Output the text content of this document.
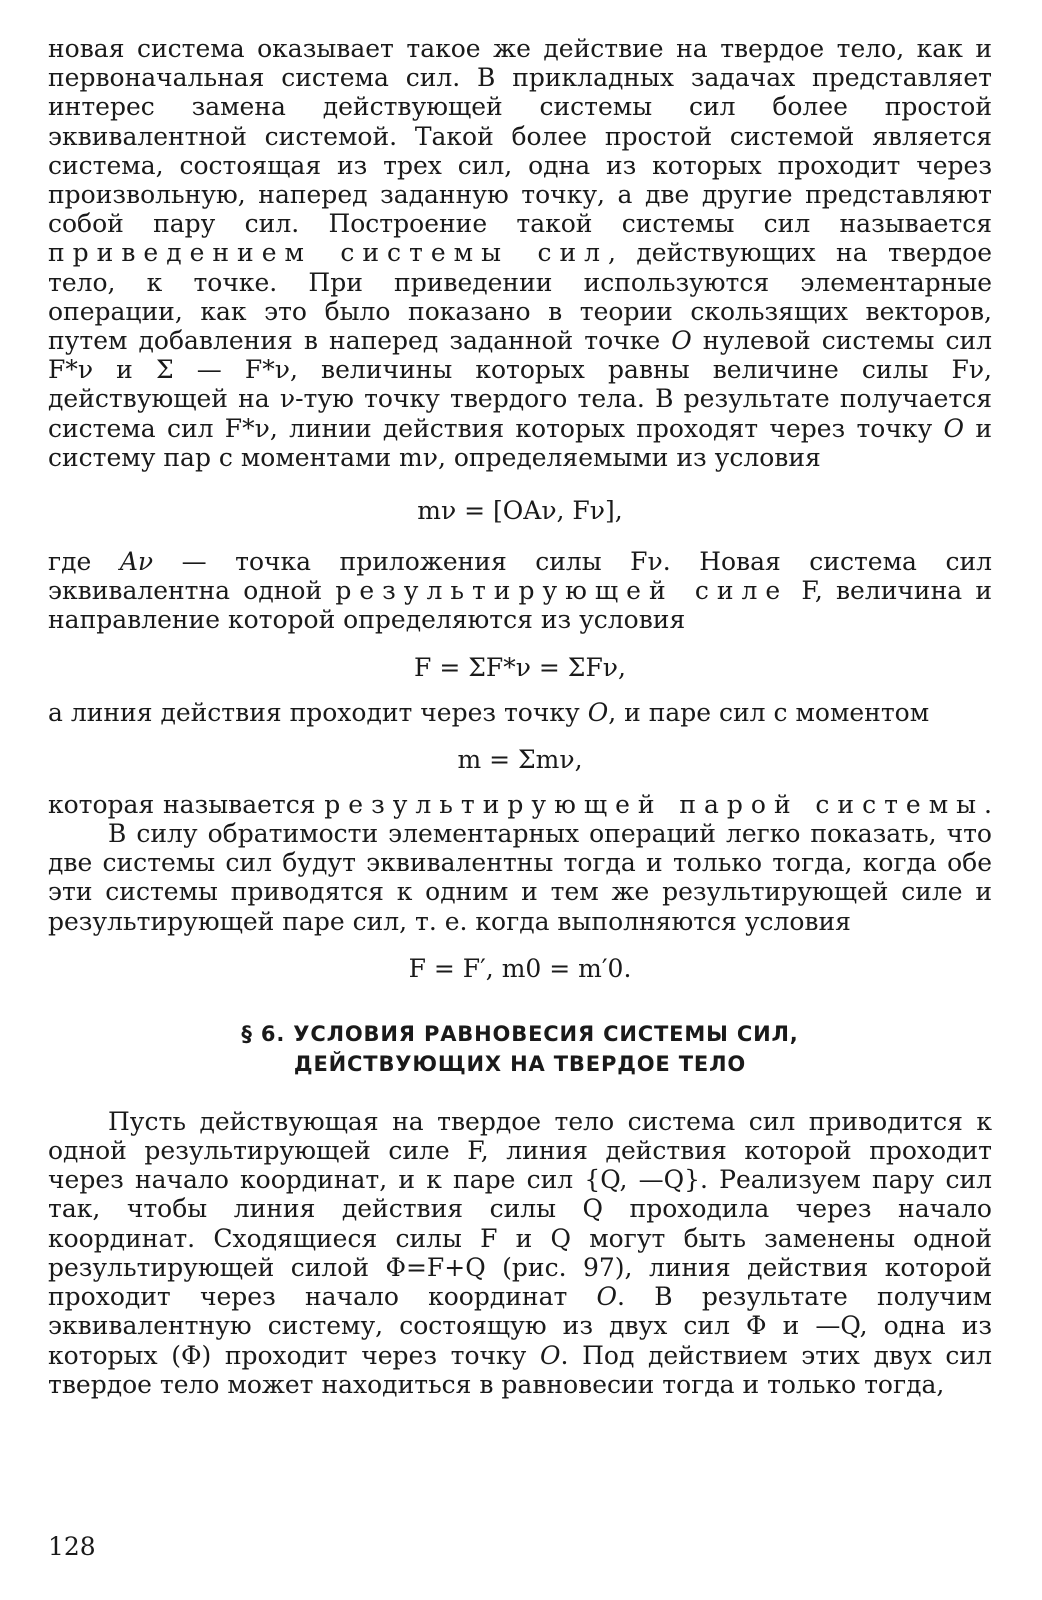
новая система оказывает такое же действие на твердое тело, как и первоначальная система сил. В прикладных задачах представляет интерес замена действующей системы сил более простой эквивалентной системой. Такой более простой системой является система, состоящая из трех сил, одна из которых проходит через произвольную, наперед заданную точку, а две другие представляют собой пару сил. Построение такой системы сил называется приведением системы сил, действующих на твердое тело, к точке. При приведении используются элементарные операции, как это было показано в теории скользящих векторов, путем добавления в наперед заданной точке O нулевой системы сил F*ν и Σ — F*ν, величины которых равны величине силы Fν, действующей на ν-тую точку твердого тела. В результате получается система сил F*ν, линии действия которых проходят через точку O и систему пар с моментами mν, определяемыми из условия

mν = [OAν, Fν],

где Aν — точка приложения силы Fν. Новая система сил эквивалентна одной результирующей силе F, величина и направление которой определяются из условия

F = ΣF*ν = ΣFν,

а линия действия проходит через точку O, и паре сил с моментом

m = Σmν,

которая называется результирующей парой системы.

В силу обратимости элементарных операций легко показать, что две системы сил будут эквивалентны тогда и только тогда, когда обе эти системы приводятся к одним и тем же результирующей силе и результирующей паре сил, т. е. когда выполняются условия

F = F′, m0 = m′0.
§ 6. УСЛОВИЯ РАВНОВЕСИЯ СИСТЕМЫ СИЛ,
ДЕЙСТВУЮЩИХ НА ТВЕРДОЕ ТЕЛО

Пусть действующая на твердое тело система сил приводится к одной результирующей силе F, линия действия которой проходит через начало координат, и к паре сил {Q, —Q}. Реализуем пару сил так, чтобы линия действия силы Q проходила через начало координат. Сходящиеся силы F и Q могут быть заменены одной результирующей силой Φ=F+Q (рис. 97), линия действия которой проходит через начало координат O. В результате получим эквивалентную систему, состоящую из двух сил Φ и —Q, одна из которых (Φ) проходит через точку O. Под действием этих двух сил твердое тело может находиться в равновесии тогда и только тогда,

128
